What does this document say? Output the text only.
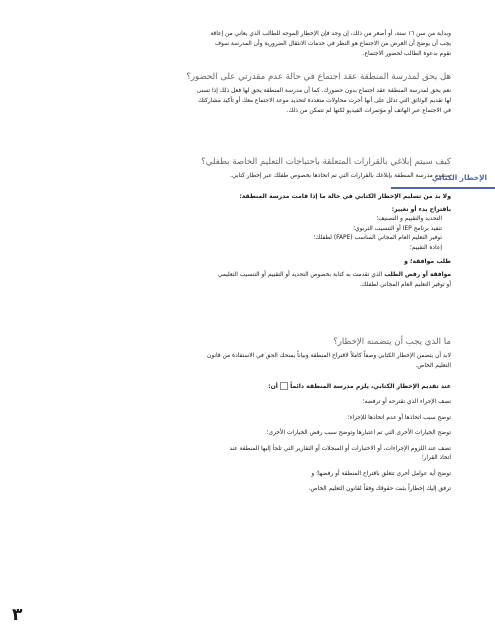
وبداية من سن ١٦ سنة، أو أصغر من ذلك، إن وجد فإن الإخطار الموجه للطالب الذي يعاني من إعاقة

يجب أن يوضح أن الغرض من الاجتماع هو النظر في خدمات الانتقال الضرورية وأن المدرسة سوف

تقوم بدعوة الطالب لحضور الاجتماع.

هل يحق لمدرسة المنطقة عقد اجتماع في حالة عدم مقدرتي على الحضور؟

نعم يحق لمدرسة المنطقة عقد اجتماع بدون حضورك. كما أن مدرسة المنطقة يحق لها فعل ذلك إذا تسنى

لها تقديم الوثائق التي تدلل على أنها أجرت محاولات متعددة لتحديد موعد الاجتماع معك أو تأكيد مشاركتك

في الاجتماع عبر الهاتف أو مؤتمرات الفيديو لكنها لم تتمكن من ذلك.

كيف سيتم إبلاغي بالقرارات المتعلقة باحتياجات التعليم الخاصة بطفلي؟

ستقوم مدرسة المنطقة بإبلاغك بالقرارات التي تم اتخاذها بخصوص طفلك عبر إخطار كتابي.

ولا بد من تسليم الإخطار الكتابي في حالة ما إذا قامت مدرسة المنطقة:

باقتراح بدء أو تغيير:

التحديد والتقييم و التصنيف؛

تنفيذ برنامج IEP أو التنسيب التربوي؛

توفير التعليم العام المجاني المناسب (FAPE) لطفلك؛

إعادة التقييم؛

طلب موافقة؛ و

موافقة أو رفض الطلب الذي تقدمت به كتابة بخصوص التحديد أو التقييم أو التنسيب التعليمي

أو توفير التعليم العام المجاني لطفلك.

ما الذي يجب أن يتضمنه الإخطار؟

لابد أن يتضمن الإخطار الكتابي وصفاً كاملاً لاقتراح المنطقة وبياناً يمنحك الحق في الاستفادة من قانون

التعليم الخاص.

عند تقديم الإخطار الكتابي، يلزم مدرسة المنطقة دائماً  أن:

تصف الإجراء الذي تقترحه أو ترفضه؛

توضح سبب اتخاذها أو عدم اتخاذها للإجراء؛

توضح الخيارات الأخرى التي تم اعتبارها وتوضح سبب رفض الخيارات الأخرى؛

تصف عند اللزوم الإجراءات، أو الاختبارات أو السجلات أو التقارير التي تلجأ إليها المنطقة عند

اتخاذ القرار؛

توضح أية عوامل أخرى تتعلق باقتراح المنطقة أو رفضها؛ و

ترفق إليك إخطاراً يثبت حقوقك وفقاً لقانون التعليم الخاص.

الإخطار الكتابي
٣
